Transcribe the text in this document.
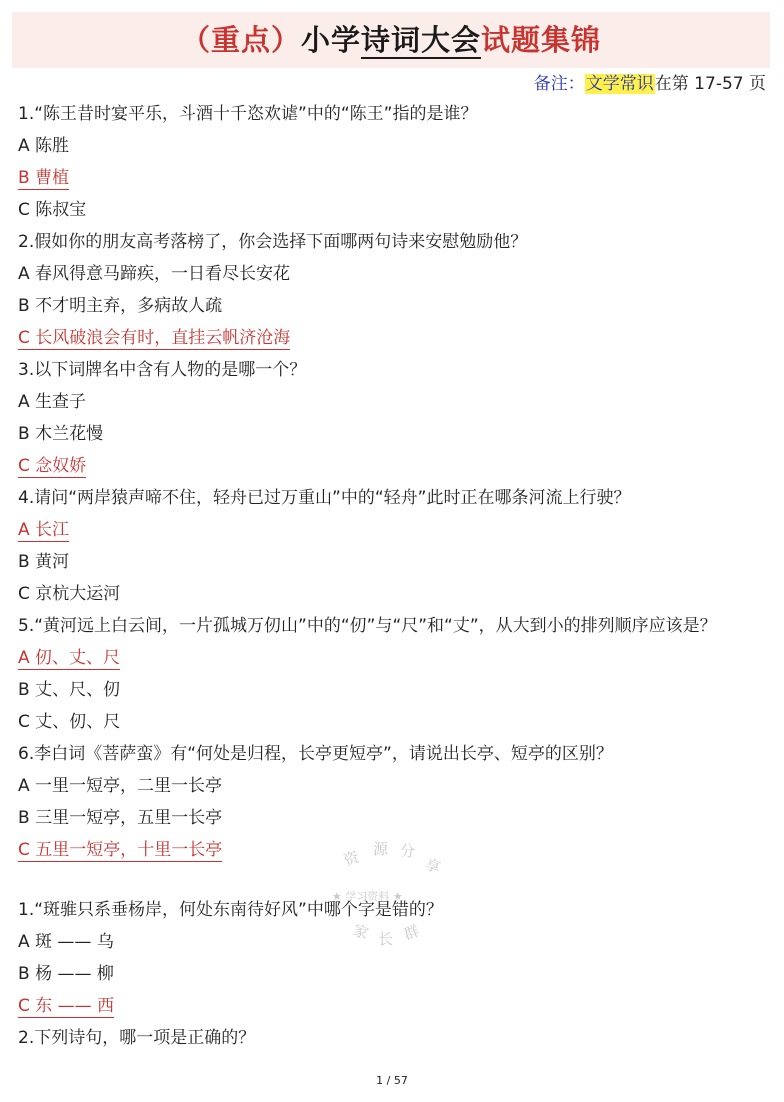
（重点）小学诗词大会试题集锦
备注：文学常识在第 17-57 页
1.“陈王昔时宴平乐，斗酒十千恣欢谑”中的“陈王”指的是谁？
A 陈胜
B 曹植
C 陈叔宝
2.假如你的朋友高考落榜了，你会选择下面哪两句诗来安慰勉励他？
A 春风得意马蹄疾，一日看尽长安花
B 不才明主弃，多病故人疏
C 长风破浪会有时，直挂云帆济沧海
3.以下词牌名中含有人物的是哪一个？
A 生查子
B 木兰花慢
C 念奴娇
4.请问“两岸猿声啼不住，轻舟已过万重山”中的“轻舟”此时正在哪条河流上行驶？
A 长江
B 黄河
C 京杭大运河
5.“黄河远上白云间，一片孤城万仞山”中的“仞”与“尺”和“丈”，从大到小的排列顺序应该是？
A 仞、丈、尺
B 丈、尺、仞
C 丈、仞、尺
6.李白词《菩萨蛮》有“何处是归程，长亭更短亭”，请说出长亭、短亭的区别？
A 一里一短亭，二里一长亭
B 三里一短亭，五里一长亭
C 五里一短亭，十里一长亭
1.“斑骓只系垂杨岸，何处东南待好风”中哪个字是错的？
A 斑 —— 乌
B 杨 —— 柳
C 东 —— 西
2.下列诗句，哪一项是正确的？
资 源 分
享
★ 学习资料 ★
家 长 群
1 / 57
